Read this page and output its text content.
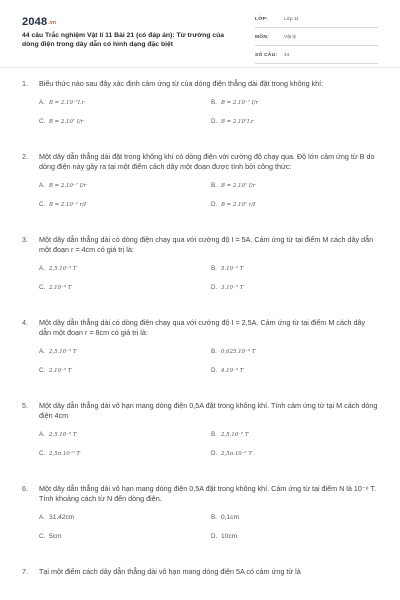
2048.vn
44 câu Trắc nghiệm Vật lí 11 Bài 21 (có đáp án): Từ trường của dòng điện trong dây dẫn có hình dạng đặc biệt
LỚP:	Lớp 11
MÔN:	Vật lý
SỐ CÂU: 44
1. Biểu thức nào sau đây xác định cảm ứng từ của dòng điện thẳng dài đặt trong không khí:
A. B = 2.10⁻⁷I.r	B. B = 2.10⁻⁷ I/r
C. B = 2.10⁷ I/r	D. B = 2.10⁷I.r
2. Một dây dẫn thẳng dài đặt trong không khí có dòng điện với cường độ chạy qua. Độ lớn cảm ứng từ B do dòng điện này gây ra tại một điểm cách dây một đoạn được tính bởi công thức:
A. B = 2.10⁻⁷ I/r	B. B = 2.10⁷ I/r
C. B = 2.10⁻⁷ r/I	D. B = 2.10⁷ r/I
3. Một dây dẫn thẳng dài có dòng điện chạy qua với cường độ I = 5A. Cảm ứng từ tại điểm M cách dây dẫn một đoạn r = 4cm có giá trị là:
A. 2,5.10⁻⁵ T	B. 5.10⁻⁵ T
C. 2.10⁻⁵ T	D. 3.10⁻⁵ T
4. Một dây dẫn thẳng dài có dòng điện chạy qua với cường độ I = 2,5A. Cảm ứng từ tại điểm M cách dây dẫn một đoạn r = 8cm có giá trị là:
A. 2,5.10⁻⁵ T	B. 0,625.10⁻⁵ T
C. 2.10⁻⁵ T	D. 4.10⁻⁵ T
5. Một dây dẫn thẳng dài vô hạn mang dòng điện 0,5A đặt trong không khí. Tính cảm ứng từ tại M cách dòng điện 4cm
A. 2,5.10⁻⁶ T	B. 2,5.10⁻⁶ T
C. 2,5π.10⁻⁶ T	D. 2,5π.10⁻⁶ T
6. Một dây dẫn thẳng dài vô hạn mang dòng điện 0,5A đặt trong không khí. Cảm ứng từ tại điểm N là 10⁻⁶ T. Tính khoảng cách từ N đến dòng điện.
A. 31,42cm	B. 0,1cm
C. 5cm	D. 10cm
7. Tại một điểm cách dây dẫn thẳng dài vô hạn mang dòng điện 5A có cảm ứng từ là
